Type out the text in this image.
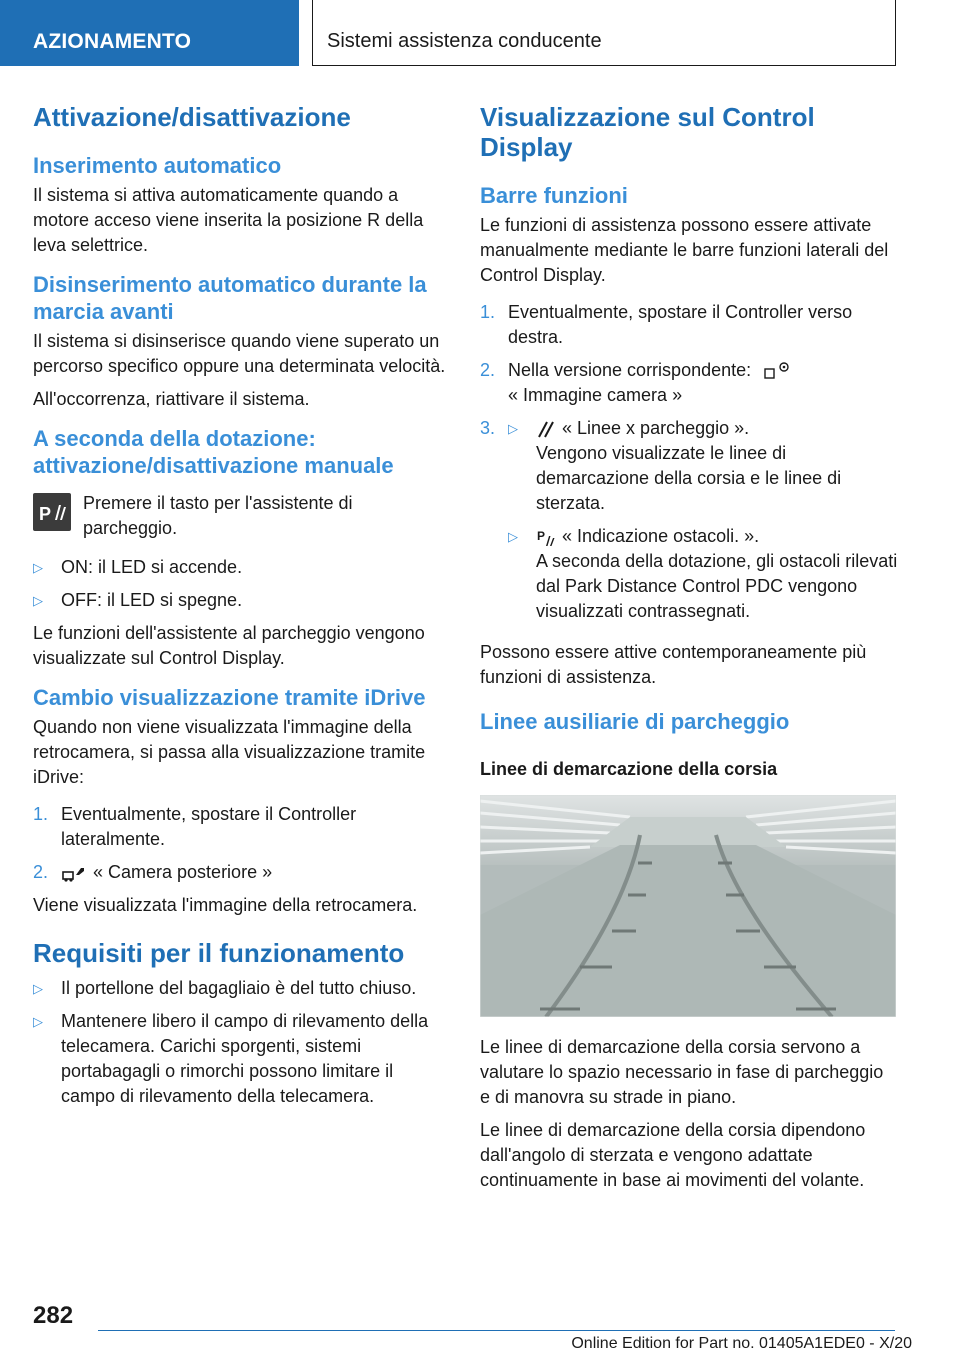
AZIONAMENTO	Sistemi assistenza conducente
Attivazione/disattivazione
Inserimento automatico

Il sistema si attiva automaticamente quando a motore acceso viene inserita la posizione R della leva selettrice.

Disinserimento automatico durante la marcia avanti

Il sistema si disinserisce quando viene superato un percorso specifico oppure una determinata velocità.

All'occorrenza, riattivare il sistema.

A seconda della dotazione: attivazione/disattivazione manuale
P
Premere il tasto per l'assistente di parcheggio.
▷	ON: il LED si accende.
▷	OFF: il LED si spegne.

Le funzioni dell'assistente al parcheggio vengono visualizzate sul Control Display.

Cambio visualizzazione tramite iDrive

Quando non viene visualizzata l'immagine della retrocamera, si passa alla visualizzazione tramite iDrive:

1. Eventualmente, spostare il Controller lateralmente.
2.	« Camera posteriore »

Viene visualizzata l'immagine della retrocamera.

Requisiti per il funzionamento
▷	Il portellone del bagagliaio è del tutto chiuso.
▷	Mantenere libero il campo di rilevamento della telecamera. Carichi sporgenti, sistemi portabagagli o rimorchi possono limitare il campo di rilevamento della telecamera.
Visualizzazione sul Control Display
Barre funzioni

Le funzioni di assistenza possono essere attivate manualmente mediante le barre funzioni laterali del Control Display.

1. Eventualmente, spostare il Controller verso destra.
2. Nella versione corrispondente:
« Immagine camera »
3. ▷	« Linee x parcheggio ».
Vengono visualizzate le linee di demarcazione della corsia e le linee di sterzata.
▷	P « Indicazione ostacoli. ».
A seconda della dotazione, gli ostacoli rilevati dal Park Distance Control PDC vengono visualizzati contrassegnati.

Possono essere attive contemporaneamente più funzioni di assistenza.

Linee ausiliarie di parcheggio
Linee di demarcazione della corsia

Le linee di demarcazione della corsia servono a valutare lo spazio necessario in fase di parcheggio e di manovra su strade in piano.

Le linee di demarcazione della corsia dipendono dall'angolo di sterzata e vengono adattate continuamente in base ai movimenti del volante.

282
Online Edition for Part no. 01405A1EDE0 - X/20
